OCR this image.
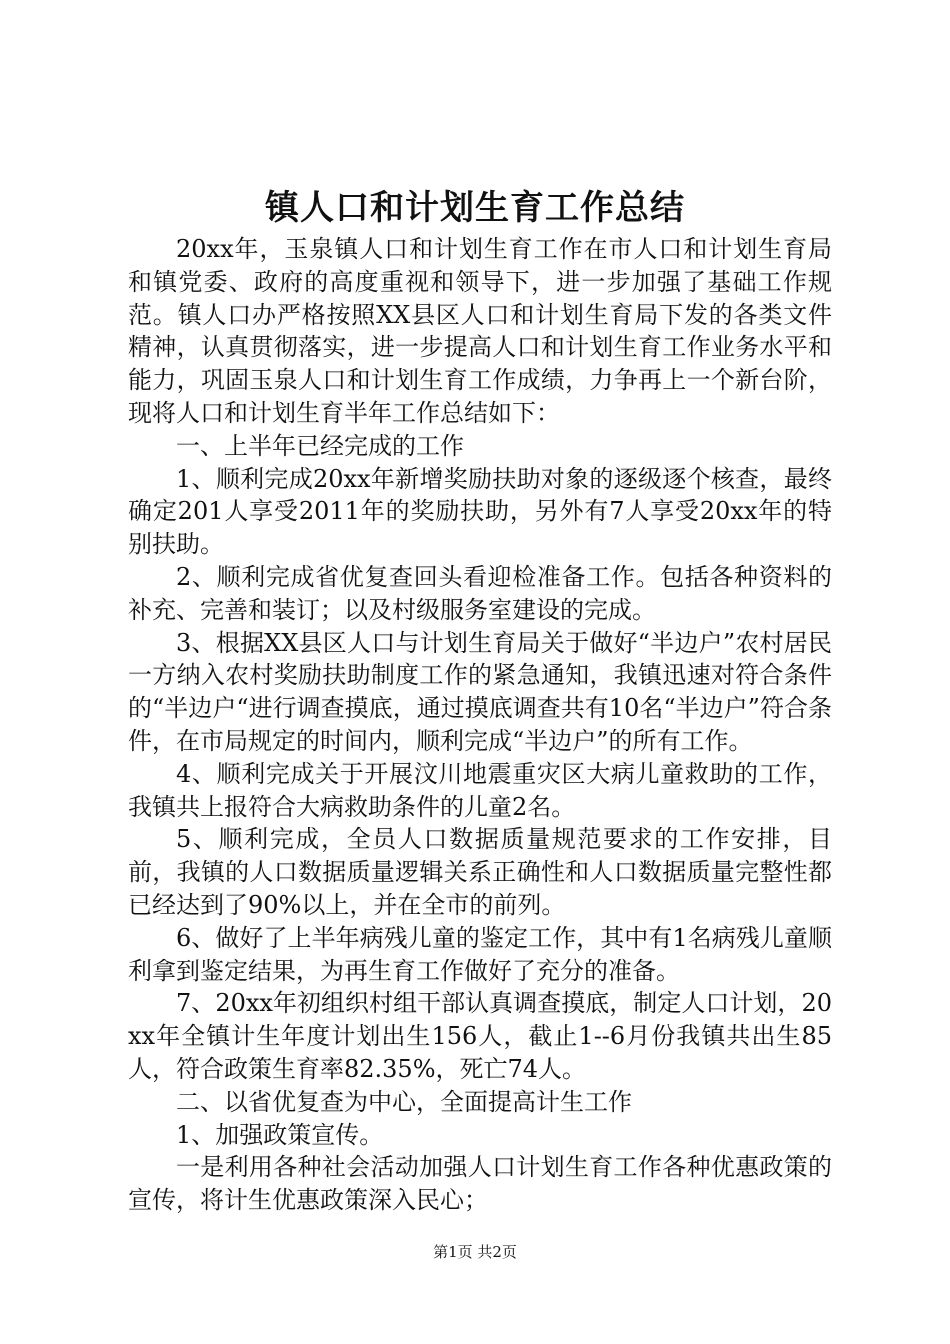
镇人口和计划生育工作总结

20xx年，玉泉镇人口和计划生育工作在市人口和计划生育局和镇党委、政府的高度重视和领导下，进一步加强了基础工作规范。镇人口办严格按照XX县区人口和计划生育局下发的各类文件精神，认真贯彻落实，进一步提高人口和计划生育工作业务水平和能力，巩固玉泉人口和计划生育工作成绩，力争再上一个新台阶，现将人口和计划生育半年工作总结如下：

一、上半年已经完成的工作

1、顺利完成20xx年新增奖励扶助对象的逐级逐个核查，最终确定201人享受2011年的奖励扶助，另外有7人享受20xx年的特别扶助。

2、顺利完成省优复查回头看迎检准备工作。包括各种资料的补充、完善和装订；以及村级服务室建设的完成。

3、根据XX县区人口与计划生育局关于做好“半边户”农村居民一方纳入农村奖励扶助制度工作的紧急通知，我镇迅速对符合条件的“半边户“进行调查摸底，通过摸底调查共有10名“半边户”符合条件，在市局规定的时间内，顺利完成“半边户”的所有工作。

4、顺利完成关于开展汶川地震重灾区大病儿童救助的工作，我镇共上报符合大病救助条件的儿童2名。

5、顺利完成，全员人口数据质量规范要求的工作安排，目前，我镇的人口数据质量逻辑关系正确性和人口数据质量完整性都已经达到了90%以上，并在全市的前列。

6、做好了上半年病残儿童的鉴定工作，其中有1名病残儿童顺利拿到鉴定结果，为再生育工作做好了充分的准备。

7、20xx年初组织村组干部认真调查摸底，制定人口计划，20xx年全镇计生年度计划出生156人，截止1--6月份我镇共出生85人，符合政策生育率82.35%，死亡74人。

二、以省优复查为中心，全面提高计生工作

1、加强政策宣传。

一是利用各种社会活动加强人口计划生育工作各种优惠政策的宣传，将计生优惠政策深入民心；

第1页 共2页
